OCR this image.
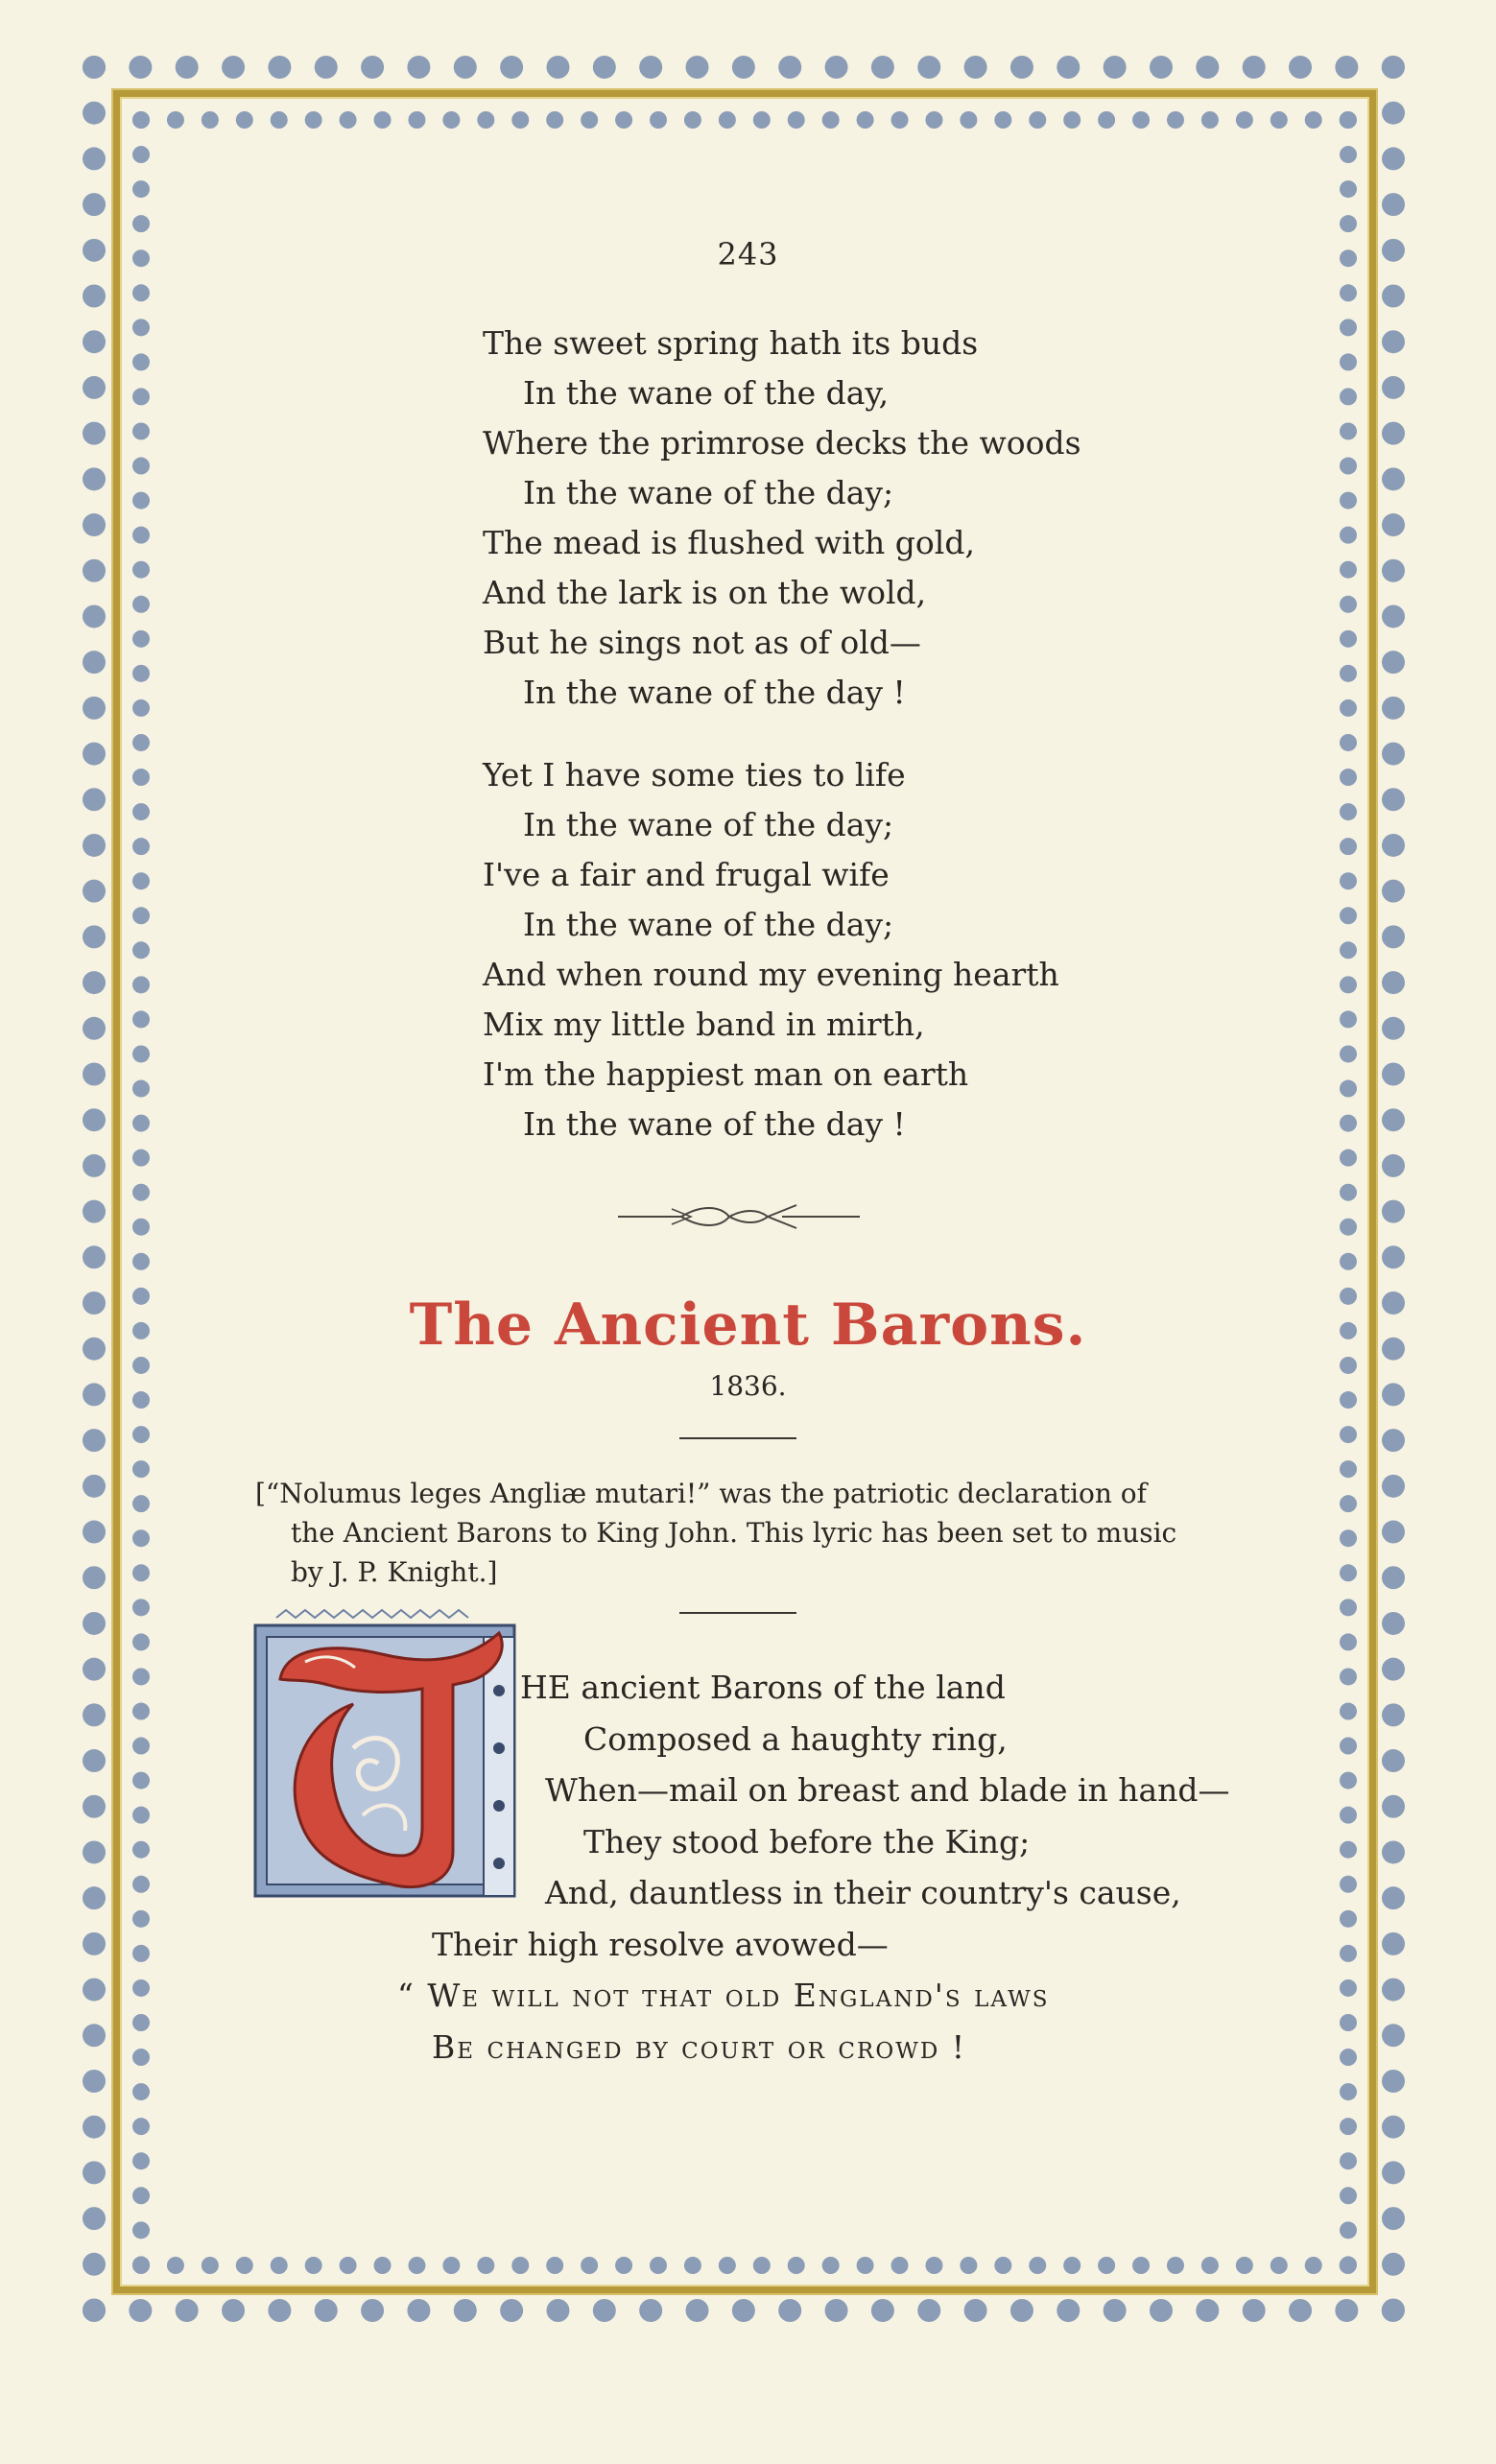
243
The sweet spring hath its buds
In the wane of the day,
Where the primrose decks the woods
In the wane of the day;
The mead is flushed with gold,
And the lark is on the wold,
But he sings not as of old—
In the wane of the day !
Yet I have some ties to life
In the wane of the day;
I've a fair and frugal wife
In the wane of the day;
And when round my evening hearth
Mix my little band in mirth,
I'm the happiest man on earth
In the wane of the day !
The Ancient Barons.
1836.
[“Nolumus leges Angliæ mutari!” was the patriotic declaration of
the Ancient Barons to King John. This lyric has been set to music
by J. P. Knight.]
HE ancient Barons of the land
Composed a haughty ring,
When—mail on breast and blade in hand—
They stood before the King;
And, dauntless in their country's cause,
Their high resolve avowed—
“ We will not that old England's laws
Be changed by court or crowd !
